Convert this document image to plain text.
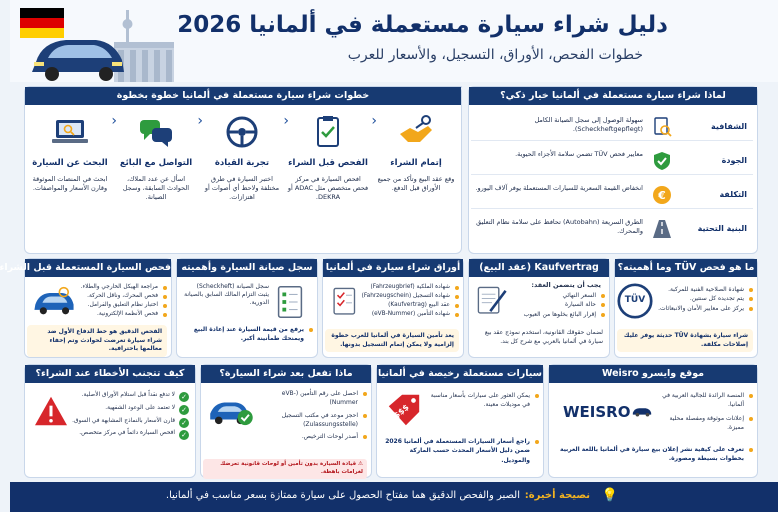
دليل شراء سيارة مستعملة في ألمانيا 2026
خطوات الفحص، الأوراق، التسجيل، والأسعار للعرب
لماذا شراء سيارة مستعملة في ألمانيا خيار ذكي؟
الشفافية
سهولة الوصول إلى سجل الصيانة الكامل (Scheckheftgepflegt).
الجودة
معايير فحص TÜV تضمن سلامة الأجزاء الحيوية.
التكلفة
€
انخفاض القيمة السعرية للسيارات المستعملة يوفر آلاف اليورو.
البنية التحتية
الطرق السريعة (Autobahn) تحافظ على سلامة نظام التعليق والمحرك.
خطوات شراء سيارة مستعملة في ألمانيا خطوة بخطوة
إتمام الشراء
وقع عقد البيع وتأكد من جميع الأوراق قبل الدفع.
‹
الفحص قبل الشراء
افحص السيارة في مركز فحص متخصص مثل ADAC أو DEKRA.
‹
تجربة القيادة
اختبر السيارة في طرق مختلفة ولاحظ أي أصوات أو اهتزازات.
‹
التواصل مع البائع
اسأل عن عدد الملاك، الحوادث السابقة، وسجل الصيانة.
‹
البحث عن السيارة
ابحث في المنصات الموثوقة وقارن الأسعار والمواصفات.
ما هو فحص TÜV وما أهميته؟
TÜV
شهادة الصلاحية الفنية للمركبة.
يتم تجديده كل سنتين.
يركز على معايير الأمان والانبعاثات.
شراء سيارة بشهادة TÜV حديثة يوفر عليك إصلاحات مكلفة.
Kaufvertrag (عقد البيع)
يجب أن يتضمن العقد:
السعر النهائي
حالة السيارة
إقرار البائع بخلوها من العيوب
لضمان حقوقك القانونية، استخدم نموذج عقد بيع سيارة في ألمانيا بالعربي مع شرح كل بند.
أوراق شراء سيارة في ألمانيا
شهادة الملكية (Fahrzeugbrief)
شهادة التسجيل (Fahrzeugschein)
عقد البيع (Kaufvertrag)
شهادة التأمين (eVB-Nummer)
يعد تأمين السيارة في ألمانيا للعرب خطوة إلزامية ولا يمكن إتمام التسجيل بدونها.
سجل صيانة السيارة وأهميته
سجل الصيانة (Scheckheft)
يثبت التزام المالك السابق بالصيانة الدورية.
يرفع من قيمة السيارة عند إعادة البيع ويمنحك طمأنينة أكبر.
فحص السيارة المستعملة قبل الشراء
مراجعة الهيكل الخارجي والطلاء.
فحص المحرك، وناقل الحركة.
اختبار نظام التعليق والفرامل.
فحص الأنظمة الإلكترونية.
الفحص الدقيق هو خط الدفاع الأول ضد شراء سيارة تعرضت لحوادث وتم إخفاء معالمها باحترافية.
موقع وايسرو Weisro
WEISRO
المنصة الرائدة للجالية العربية في ألمانيا.
إعلانات موثوقة ومفصلة محلية مميزة.
تعرف على كيفية نشر إعلان بيع سيارة في ألمانيا باللغة العربية بخطوات بسيطة ومصورة.
سيارات مستعملة رخيصة في ألمانيا
$$$
يمكن العثور على سيارات بأسعار مناسبة في موديلات معينة.
راجع أسعار السيارات المستعملة في ألمانيا 2026 ضمن دليل الأسعار المحدث حسب الماركة والموديل.
ماذا تفعل بعد شراء السيارة؟
احصل على رقم التأمين (eVB-Nummer)
احجز موعد في مكتب التسجيل (Zulassungsstelle)
أصدر لوحات الترخيص.
⚠ قيادة السيارة بدون تأمين أو لوحات قانونية تعرضك لغرامات باهظة.
كيف تتجنب الأخطاء عند الشراء؟
✓ لا تدفع نقداً قبل استلام الأوراق الأصلية.
✓ لا تعتمد على الوعود الشفهية.
✓ قارن الأسعار بالنماذج المشابهة في السوق.
✓ افحص السيارة دائماً في مركز متخصص.
💡
نصيحة أخيرة:
الصبر والفحص الدقيق هما مفتاح الحصول على سيارة ممتازة بسعر مناسب في ألمانيا.
